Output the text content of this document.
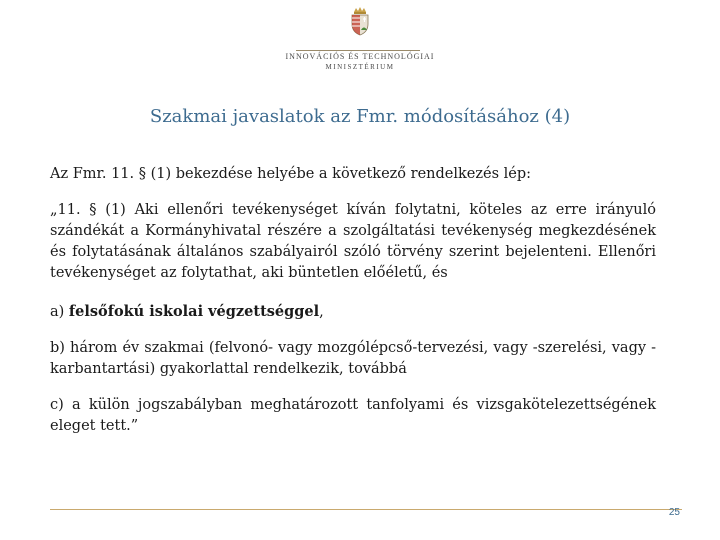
INNOVÁCIÓS ÉS TECHNOLÓGIAI
MINISZTÉRIUM
Szakmai javaslatok az Fmr. módosításához (4)

Az Fmr. 11. § (1) bekezdése helyébe a következő rendelkezés lép:

„11. § (1) Aki ellenőri tevékenységet kíván folytatni, köteles az erre irányuló szándékát a Kormányhivatal részére a szolgáltatási tevékenység megkezdésének és folytatásának általános szabályairól szóló törvény szerint bejelenteni. Ellenőri tevékenységet az folytathat, aki büntetlen előéletű, és

a) felsőfokú iskolai végzettséggel,

b) három év szakmai (felvonó- vagy mozgólépcső-tervezési, vagy -szerelési, vagy -karbantartási) gyakorlattal rendelkezik, továbbá

c) a külön jogszabályban meghatározott tanfolyami és vizsgakötelezettségének eleget tett.”

25
